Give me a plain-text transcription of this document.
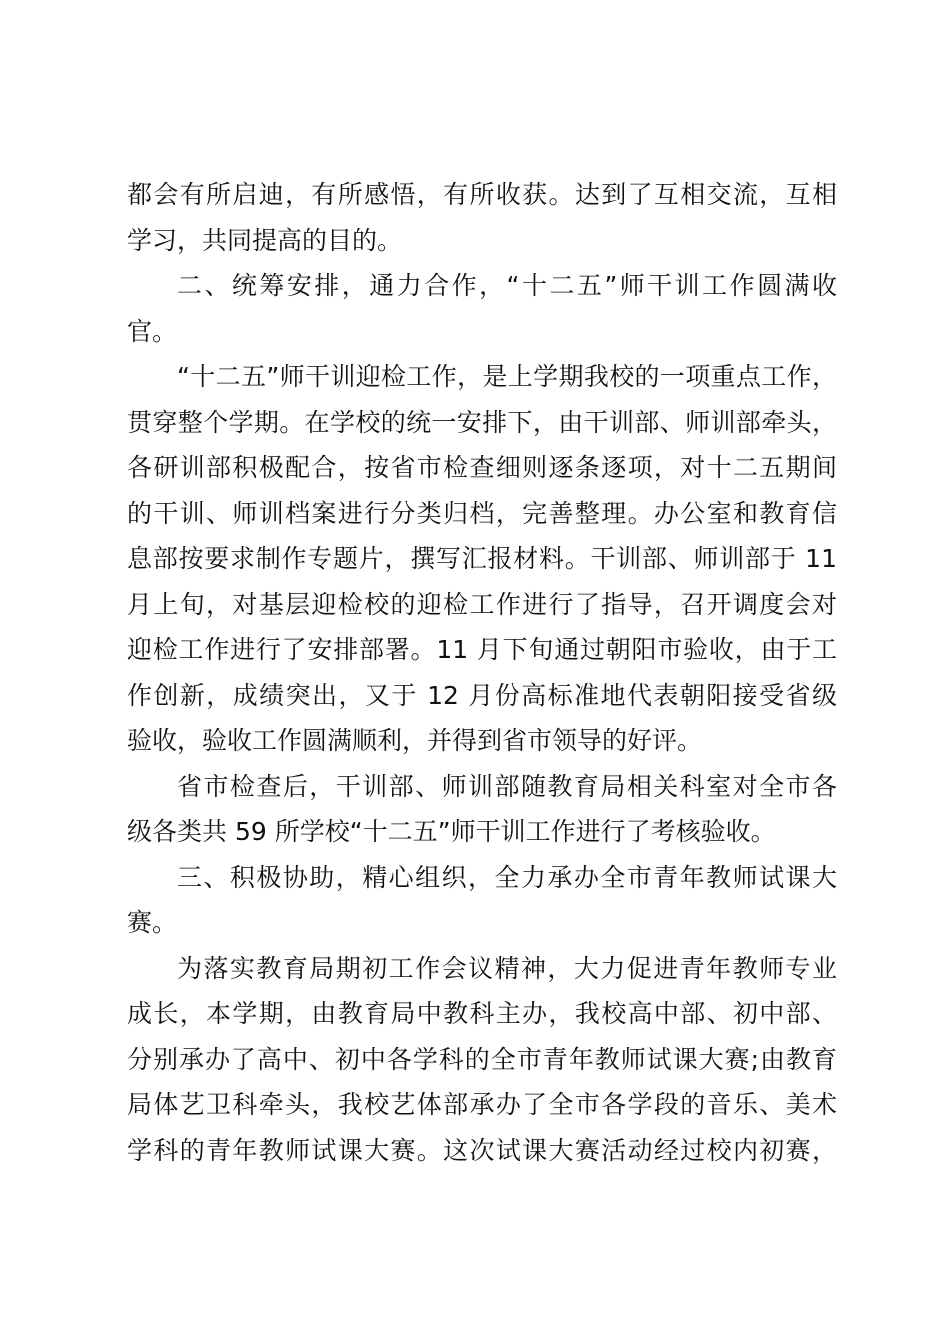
都会有所启迪，有所感悟，有所收获。达到了互相交流，互相
学习，共同提高的目的。
二、统筹安排，通力合作，“十二五”师干训工作圆满收
官。
“十二五”师干训迎检工作，是上学期我校的一项重点工作，
贯穿整个学期。在学校的统一安排下，由干训部、师训部牵头，
各研训部积极配合，按省市检查细则逐条逐项，对十二五期间
的干训、师训档案进行分类归档，完善整理。办公室和教育信
息部按要求制作专题片，撰写汇报材料。干训部、师训部于 11
月上旬，对基层迎检校的迎检工作进行了指导，召开调度会对
迎检工作进行了安排部署。11 月下旬通过朝阳市验收，由于工
作创新，成绩突出，又于 12 月份高标准地代表朝阳接受省级
验收，验收工作圆满顺利，并得到省市领导的好评。
省市检查后，干训部、师训部随教育局相关科室对全市各
级各类共 59 所学校“十二五”师干训工作进行了考核验收。
三、积极协助，精心组织，全力承办全市青年教师试课大
赛。
为落实教育局期初工作会议精神，大力促进青年教师专业
成长，本学期，由教育局中教科主办，我校高中部、初中部、
分别承办了高中、初中各学科的全市青年教师试课大赛;由教育
局体艺卫科牵头，我校艺体部承办了全市各学段的音乐、美术
学科的青年教师试课大赛。这次试课大赛活动经过校内初赛，
